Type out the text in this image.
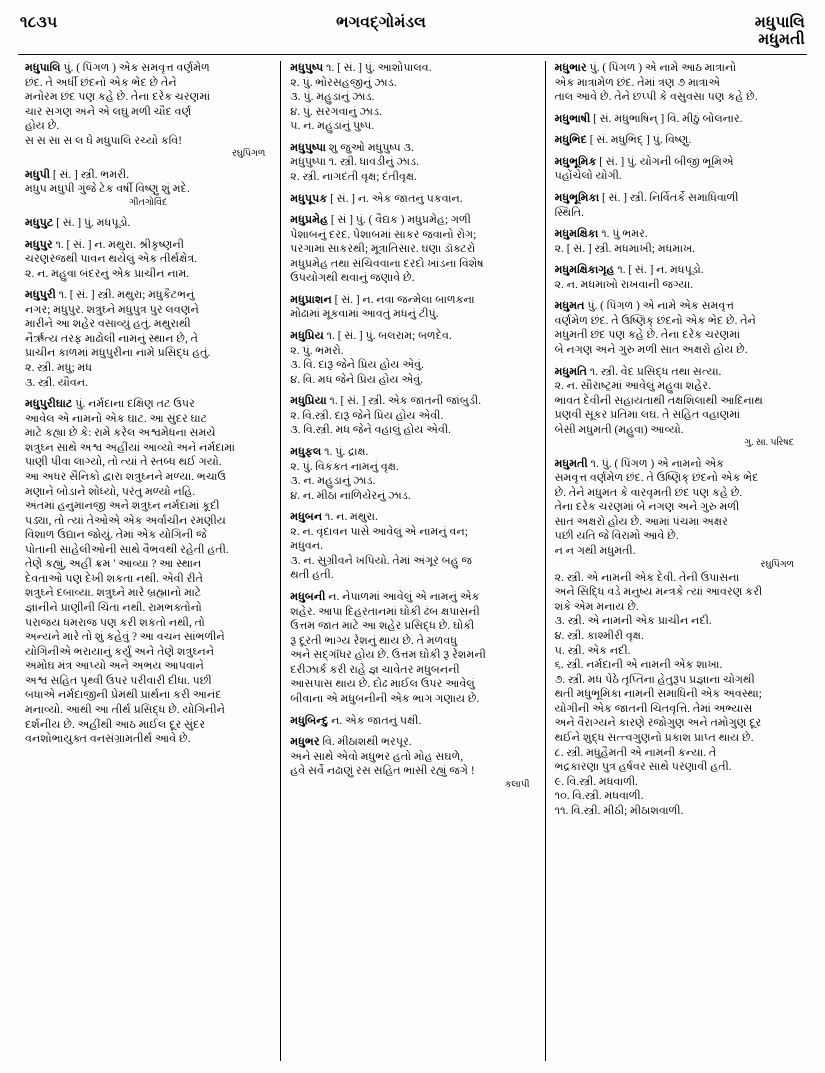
૧૮૩૫	ભગવદ્ગોમંડલ	મધુપાલિ
મધુમતી

મધુપાલિ પું. ( પિંગળ ) એક સમવૃત્ત વર્ણમેળ
છંદ. તે અર્ધી છંદનો એક ભેદ છે તેને
મનોરમ છંદ પણ કહે છે. તેના દરેક ચરણમાં
ચાર સગણ અને એ લઘુ મળી ચૌદ વર્ણ
હોય છે.
સ સ સા સ લ ધે મધુપાલિ રચ્યો કવિ!

રઘુપિંગળ

મધુપી [ સં. ] સ્ત્રી. ભમરી.
મધુપ મધુપી ગુંજે ટેક વર્ષી વિષ્ણુ શું મદે.

ગીતગોવિંદ

મધુપુટ [ સં. ] પું. મધપૂડો.

મધુપુર ૧. [ સં. ] ન. મથુરા. શ્રીકૃષ્ણની
ચરણરજથી પાવન થયેલું એક તીર્થક્ષેત્ર.
૨. ન. મહુવા બંદરનું એક પ્રાચીન નામ.

મધુપુરી ૧. [ સં. ] સ્ત્રી. મથુરા; મધુકૈટભનું
નગર; મધુપુર. શત્રુઘ્ને મધુપુત્ર પુર લવણને
મારીને આ શહેર વસાવ્યું હતું. મથુરાથી
નૈર્ઋત્ય તરફ માઢોલી નામનું સ્થાન છે, તે
પ્રાચીન કાળમાં મધુપુરીના નામે પ્રસિદ્ધ હતું.
૨. સ્ત્રી. મધુ; મધ
૩. સ્ત્રી. યૌવન.

મધુપુરીઘાટ પું. નર્મદાના દક્ષિણ તટ ઉપર
આવેલ એ નામનો એક ઘાટ. આ સુંદર ઘાટ
માટે કહ્યા છે કે: રામે કરેલ અશ્વમેધના સમયે
શત્રુઘ્ન સાથે અશ્વ અહીંયાં આવ્યો અને નર્મદામાં
પાણી પીવા લાગ્યો, તો ત્યાં તે સ્તબ્ધ થઈ ગયો.
આ અધર સૈનિકો દ્વારા શત્રુઘ્નને મળ્યા. ભચાઉ
મણાને બોડાને શોધ્યો, પરંતુ મળ્યો નહિ.
અંતમાં હનુમાનજી અને શત્રુઘ્ન નર્મદામાં કૂદી
પડ્યા, તો ત્યાં તેઓએ એક અર્વાચીન રમણીય
વિશાળ ઉદ્યાન જોયું. તેમાં એક યોગિની જે
પોતાની સાહેલીઓની સાથે વૈભવથી રહેતી હતી.
તેણે કહ્યું, અહીં ક્રમ ' આવ્યા ? આ સ્થાન
દેવતાઓ પણ દેખી શકતા નથી. એવી રીતે
શત્રુઘ્ને દબાવ્યા. શત્રુઘ્ને મારે બ્રહ્માનો માટે
જ્ઞાનીને પ્રાણીની ચિંતા નથી. રામભક્તોનો
પરાજય ધમરાજ પણ કરી શકતો નથી, તો
અન્યને મારે તો શું કહેવું ? આ વચન સાંભળીને
યોગિનીએ ભરાયાનું કર્યું અને તેણે શત્રુઘ્નને
અમોઘ મંત્ર આપ્યો અને અભય આપવાને
અશ્વ સહિત પૃથ્વી ઉપર પરીવારી દીધા. પછી
બધાએ નર્મદાજીની પ્રેમથી પ્રાર્થના કરી આનંદ
મનાવ્યો. આથી આ તીર્થ પ્રસિદ્ધ છે. યોગિનીને
દર્શનીય છે. અહીંથી આઠ માઈલ દૂર સુંદર
વનશોભાયુક્ત વનસંગ્રામતીર્થ આવે છે.

મધુપુષ્પ ૧. [ સં. ] પું. આશોપાલવ.
૨. પું. ભોરસહજીનું ઝાડ.
૩. પું. મહુડાનું ઝાડ.
૪. પું. સરગવાનું ઝાડ.
૫. ન. મહુડાનું પુષ્પ.

મધુપુષ્પા શુ જુઓ મધુપુષ્પ ૩.
મધુપુષ્પા ૧. સ્ત્રી. ધાવડીનું ઝાડ.
૨. સ્ત્રી. નાગદંતી વૃક્ષ; દંતીવૃક્ષ.

મધુપૂપક [ સં. ] ન. એક જાતનું પકવાન.

મધુપ્રમેહ [ સં ] પું. ( વૈદ્યક ) મધુપ્રમેહ; ગળી
પેશાબનું દરદ. પેશાબમાં સાકર જવાનો રોગ;
પરગામાં સાકરથી; મૂત્રાતિસાર. ઘણા ડૉક્ટરો
મધુપ્રમેહ તથા સંચિવવાના દરદો ખાંડના વિશેષ
ઉપયોગથી થવાનું જણાવે છે.

મધુપ્રાશન [ સં. ] ન. નવા જન્મેલા બાળકના
મોઢામાં મૂકવામાં આવતું મધનું ટીપું.

મધુપ્રિય ૧. [ સં. ] પું. બલરામ; બળદેવ.
૨. પું. ભમરો.
૩. વિ. દારૂ જેને પ્રિય હોય એવું.
૪. વિ. મધ જેને પ્રિય હોય એવું.

મધુપ્રિયા ૧. [ સં. ] સ્ત્રી. એક જાતની જાંબુડી.
૨. વિ.સ્ત્રી. દારૂ જેને પ્રિય હોય એવી.
૩. વિ.સ્ત્રી. મધ જેને વહાલું હોય એવી.

મધુફલ ૧. પું. દ્રાક્ષ.
૨. પું. વિકંકત નામનું વૃક્ષ.
૩. ન. મહુડાનું ઝાડ.
૪. ન. મીઠા નાળિયેરનું ઝાડ.

મધુબન ૧. ન. મથુરા.
૨. ન. વૃંદાવન પાસે આવેલું એ નામનું વન;
મધુવન.
૩. ન. સુગ્રીવને ખપિયો. તેમાં અંગૂર બહુ જ
થતી હતી.

મધુબની ન. નેપાળમાં આવેલું એ નામનું એક
શહેર. આપા દિહરતાનમાં ઘોકી ઢંબ ક્ષપાસની
ઉત્તમ જાત માટે આ શહેર પ્રસિદ્ધ છે. ઘોકી
રૂ દૂરતી ભાગ્ય રેશનું થાય છે. તે મળવધુ
અને સદ્ગાઁધર હોય છે. ઉત્તમ ઘોકી રૂ રેશમની
દરીઝાર્ક કરી રાહે જ્ઞ ચાવેતર મધુબનની
આસપાસ થાય છે. દોઢ માઈલ ઉપર આવેલું
બીવાના એ મધુબનીની એક ભાગ ગણાય છે.

મધુબિન્દુ ન. એક જાતનું પક્ષી.

મધુભર વિ. મીઠાશથી ભરપૂર.
અને સાથે એવો મધુભર હતો મોહ સઘળે,
હવે સર્વે નઢાણું રસ સહિત ભાસી રહ્યું જગે !

કલાપી

મધુભાર પું. ( પિંગળ ) એ નામે આઠ માત્રાનો
એક માત્રામેળ છંદ. તેમાં ત્રણ ૭ માત્રાએ
તાલ આવે છે. તેને છપ્પી કે વસુવસા પણ કહે છે.

મધુભાષી [ સં. મધુભાષિન્ ] વિ. મીઠું બોલનાર.

મધુભિદ [ સં. મધુભિદ્ ] પું. વિષ્ણુ.

મધુભૂમિક [ સં. ] પું. યોગની બીજી ભૂમિએ
પહોંચેલો યોગી.

મધુભૂમિકા [ સં. ] સ્ત્રી. નિર્વિતર્કે સમાધિવાળી
સ્થિતિ.

મધુમક્ષિકા ૧. પું ભમર.
૨. [ સં. ] સ્ત્રી. મધમાખી; મધમાખ.

મધુમક્ષિકાગૃહ ૧. [ સં. ] ન. મધપૂડો.
૨. ન. મધમાખો રાખવાની જગ્યા.

મધુમત પું. ( પિંગળ ) એ નામે એક સમવૃત્ત
વર્ણમેળ છંદ. તે ઉષ્ણિક્ છંદનો એક ભેદ છે. તેને
મધુમતી છંદ પણ કહે છે. તેના દરેક ચરણમાં
બે નગણ અને ગુરુ મળી સાત અક્ષરો હોય છે.

મધુમતિ ૧. સ્ત્રી. વેદ પ્રસિદ્ધ તથા સત્યા.
૨. ન. સૌરાષ્ટ્રમાં આવેલું મહુવા શહેર.
ભાવત દેવીની સહાયતાથી તક્ષશિલાથી આદિનાથ
પ્રણવી સૂકર પ્રતિમા લઘ. તે સહિત વહાણમાં
બેસી મધુમતી (મહુવા) આવ્યો.

ગુ. સા. પરિષદ

મધુમતી ૧. પું. ( પિંગળ ) એ નામનો એક
સમવૃત્ત વર્ણમેળ છંદ. તે ઉષ્ણિક્ છંદનો એક ભેદ
છે. તેને મધુમત કે વારવૃમતી છંદ પણ કહે છે.
તેના દરેક ચરણમાં બે નગણ અને ગુરુ મળી
સાત અક્ષરો હોય છે. આમાં પંચમા અક્ષર
પછી યતિ જે વિરામો આવે છે.
ન ન ગથી મધુમતી.

રઘુપિંગળ

૨. સ્ત્રી. એ નામની એક દેવી. તેની ઉપાસના
અને સિદ્ધિ વડે મનુષ્ય મન્ત્રકે ત્યાં આવરણ કરી
શકે એમ મનાય છે.
૩. સ્ત્રી. એ નામની એક પ્રાચીન નદી.
૪. સ્ત્રી. કાશ્મીરી વૃક્ષ.
૫. સ્ત્રી. એક નદી.
૬. સ્ત્રી. નર્મદાની એ નામની એક શાખા.
૭. સ્ત્રી. મધ પેઠે તૃપ્તિના હેતુરૂપ પ્રજ્ઞાના ચોગથી
થતી મધુભૂમિકા નામની સમાધિની એક અવસ્થા;
યોગીની એક જાતની ચિતવૃત્તિ. તેમાં અભ્યાસ
અને વૈરાગ્યને કારણે રજોગુણ અને તમોગુણ દૂર
થઈને શુદ્ધ સત્ત્વગુણનો પ્રકાશ પ્રાપ્ત થાય છે.
૮. સ્ત્રી. મધુહૈમતી એ નામની કન્યા. તે
ભદ્રકારણા પુત્ર હર્ષવર સાથે પરણાવી હતી.
૯. વિ.સ્ત્રી. મધવાળી.
૧૦. વિ.સ્ત્રી. મધવાળી.
૧૧. વિ.સ્ત્રી. મીઠી; મીઠાશવાળી.
